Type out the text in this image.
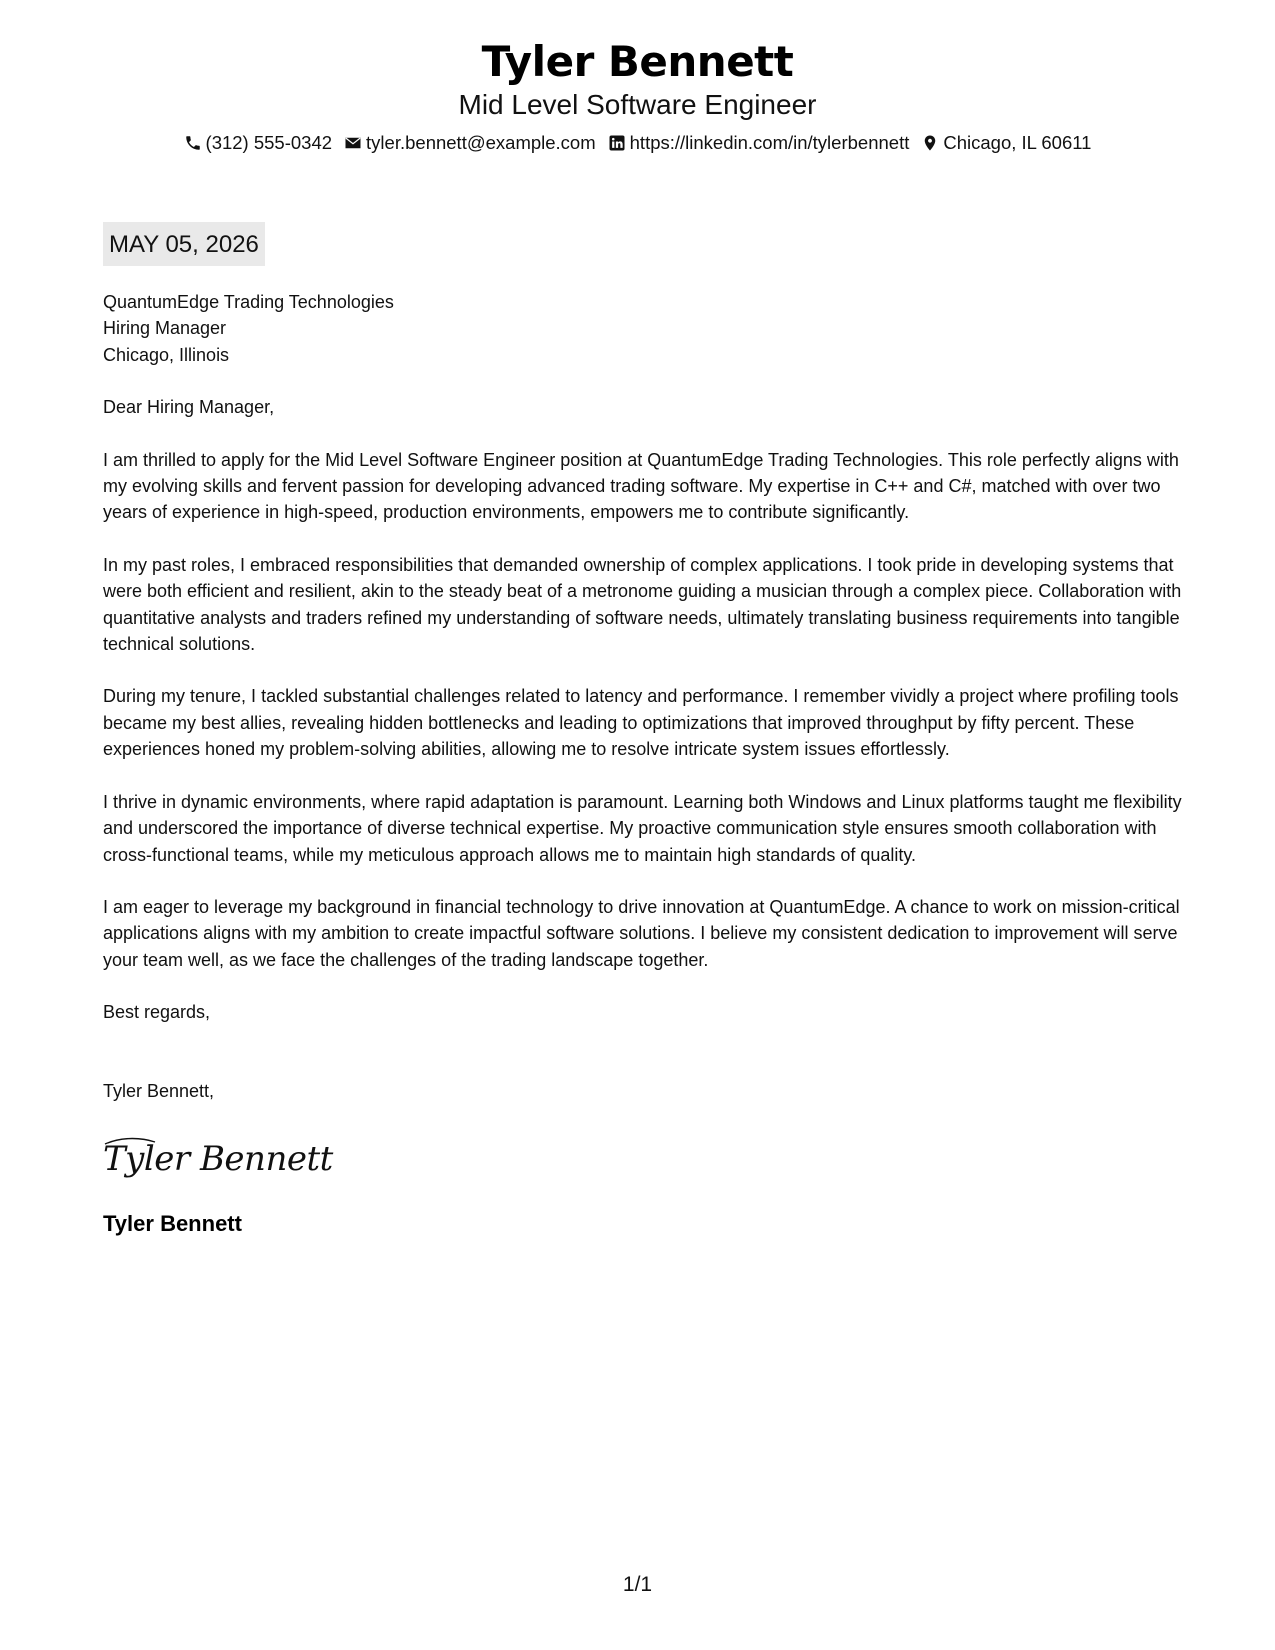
Tyler Bennett
Mid Level Software Engineer
(312) 555-0342 tyler.bennett@example.com https://linkedin.com/in/tylerbennett Chicago, IL 60611
MAY 05, 2026
QuantumEdge Trading Technologies
Hiring Manager
Chicago, Illinois
Dear Hiring Manager,

I am thrilled to apply for the Mid Level Software Engineer position at QuantumEdge Trading Technologies. This role perfectly aligns with my evolving skills and fervent passion for developing advanced trading software. My expertise in C++ and C#, matched with over two years of experience in high-speed, production environments, empowers me to contribute significantly.

In my past roles, I embraced responsibilities that demanded ownership of complex applications. I took pride in developing systems that were both efficient and resilient, akin to the steady beat of a metronome guiding a musician through a complex piece. Collaboration with quantitative analysts and traders refined my understanding of software needs, ultimately translating business requirements into tangible technical solutions.

During my tenure, I tackled substantial challenges related to latency and performance. I remember vividly a project where profiling tools became my best allies, revealing hidden bottlenecks and leading to optimizations that improved throughput by fifty percent. These experiences honed my problem-solving abilities, allowing me to resolve intricate system issues effortlessly.

I thrive in dynamic environments, where rapid adaptation is paramount. Learning both Windows and Linux platforms taught me flexibility and underscored the importance of diverse technical expertise. My proactive communication style ensures smooth collaboration with cross-functional teams, while my meticulous approach allows me to maintain high standards of quality.

I am eager to leverage my background in financial technology to drive innovation at QuantumEdge. A chance to work on mission-critical applications aligns with my ambition to create impactful software solutions. I believe my consistent dedication to improvement will serve your team well, as we face the challenges of the trading landscape together.

Best regards,
Tyler Bennett,
Tyler Bennett
Tyler Bennett
1/1
